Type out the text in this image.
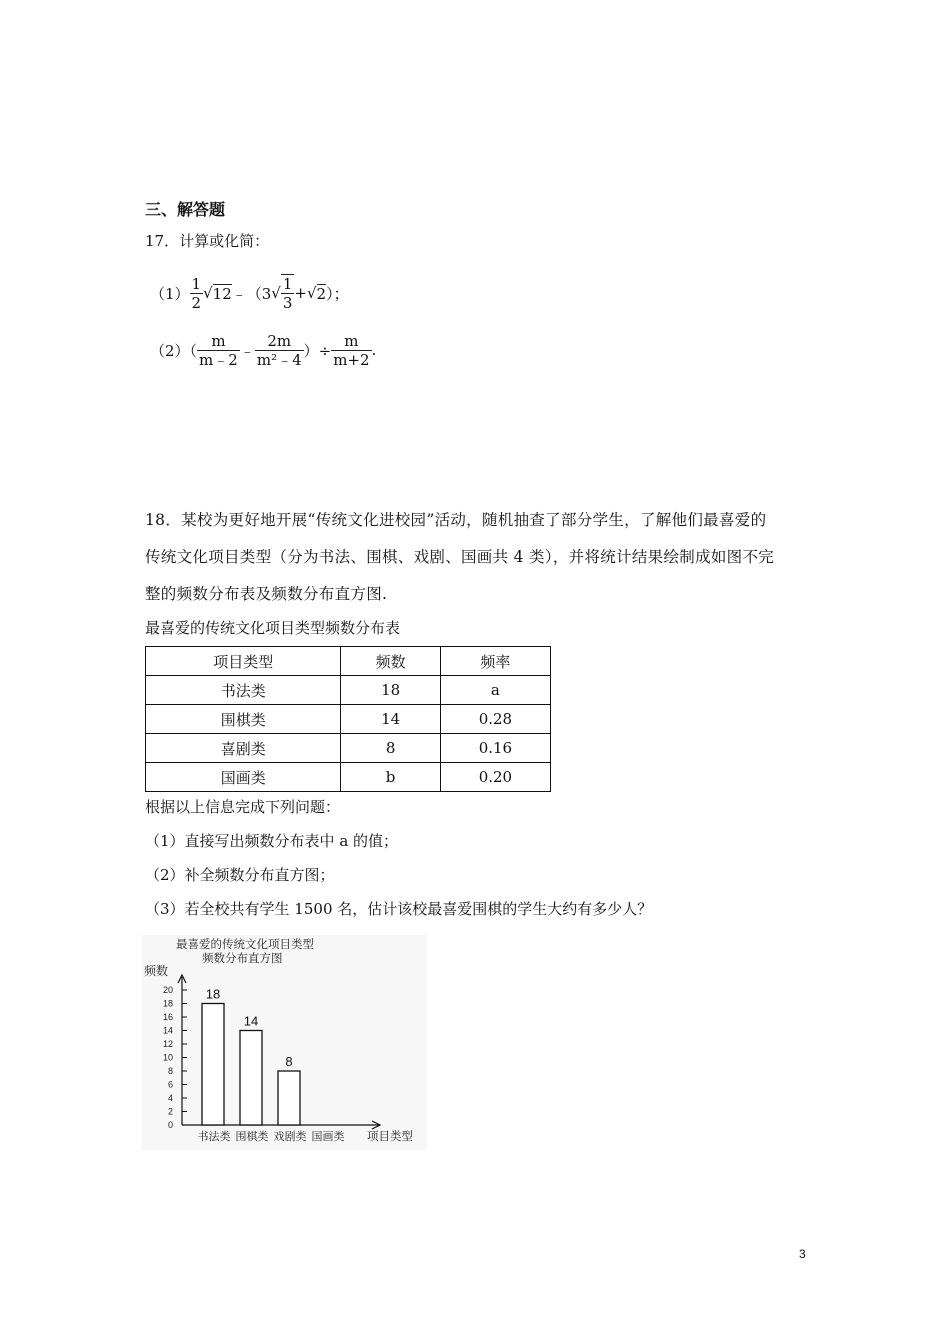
三、解答题
17．计算或化简：
$(1) \frac{1}{2}$ √ 12 ﹣（3 √ $\frac{1}{3}$ + √ 2 ）；
$(2)( \frac{m}{m﹣2}$ ﹣ $\frac{2m}{\text{m²﹣4}}$ ）÷ $\frac{m}{m+2}$ .
18．某校为更好地开展“传统文化进校园”活动，随机抽查了部分学生，了解他们最喜爱的
传统文化项目类型（分为书法、围棋、戏剧、国画共 4 类），并将统计结果绘制成如图不完
整的频数分布表及频数分布直方图.
最喜爱的传统文化项目类型频数分布表
项目类型	频数	频率
书法类	18	a
围棋类	14	0.28
喜剧类	8	0.16
国画类	b	0.20
根据以上信息完成下列问题：
（1）直接写出频数分布表中 a 的值；
（2）补全频数分布直方图；
（3）若全校共有学生 1500 名，估计该校最喜爱围棋的学生大约有多少人？
最喜爱的传统文化项目类型
频数分布直方图
频数
项目类型
0
2
4
6
8
10
12
14
16
18
20	18
书法类
14
围棋类
8
戏剧类 国画类
3
